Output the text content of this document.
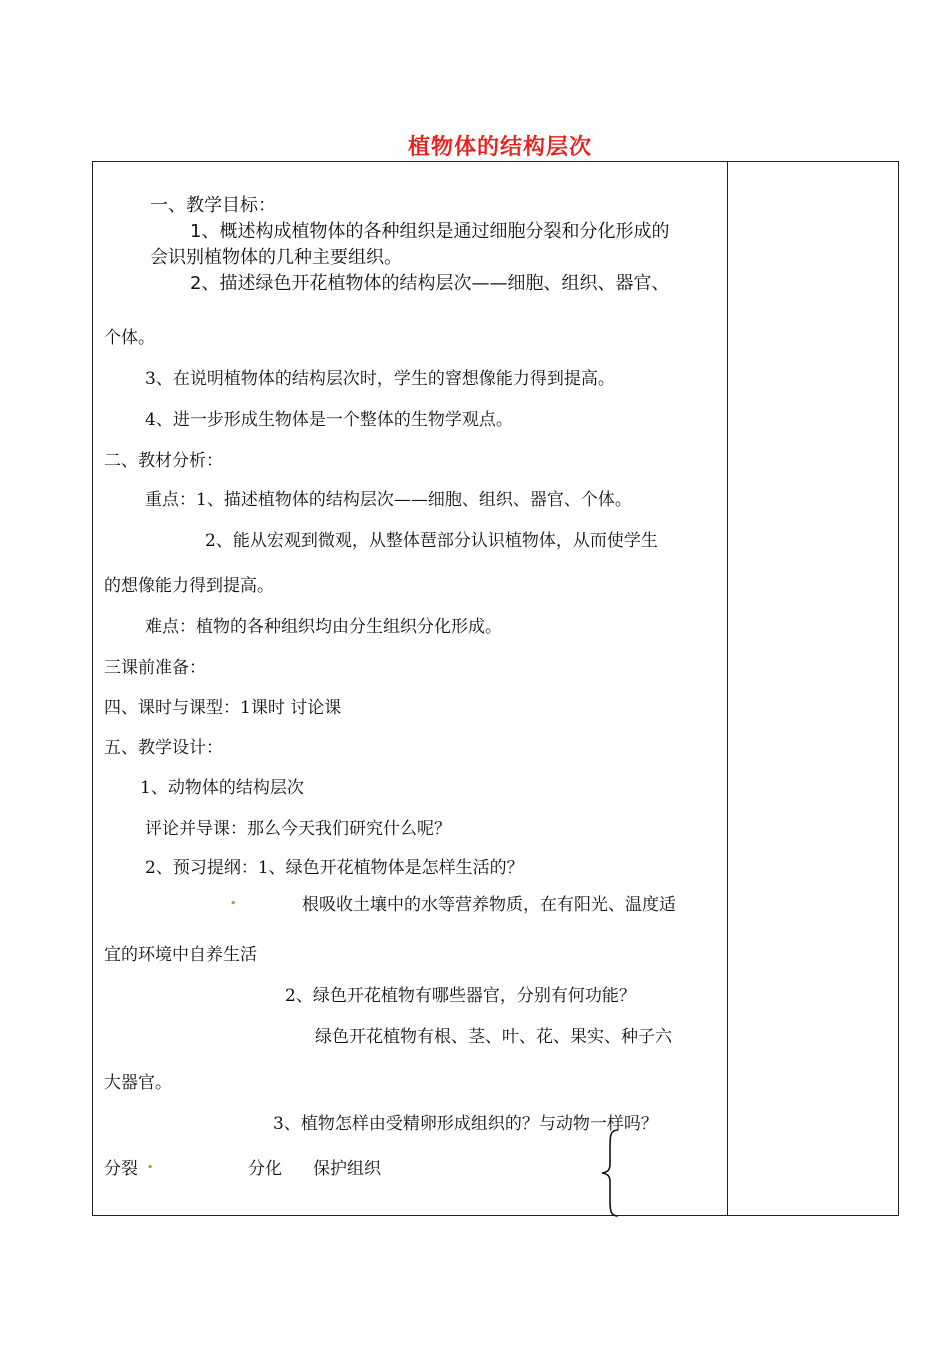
植物体的结构层次
一、教学目标：
1、概述构成植物体的各种组织是通过细胞分裂和分化形成的
会识别植物体的几种主要组织。
2、描述绿色开花植物体的结构层次——细胞、组织、器官、
个体。
3、在说明植物体的结构层次时，学生的窨想像能力得到提高。
4、进一步形成生物体是一个整体的生物学观点。
二、教材分析：
重点：1、描述植物体的结构层次——细胞、组织、器官、个体。
2、能从宏观到微观，从整体琶部分认识植物体，从而使学生
的想像能力得到提高。
难点：植物的各种组织均由分生组织分化形成。
三课前准备：
四、课时与课型：1课时 讨论课
五、教学设计：
1、动物体的结构层次
评论并导课：那么今天我们研究什么呢？
2、预习提纲：1、绿色开花植物体是怎样生活的？
.	根吸收土壤中的水等营养物质，在有阳光、温度适
宜的环境中自养生活
2、绿色开花植物有哪些器官，分别有何功能？
绿色开花植物有根、茎、叶、花、果实、种子六
大器官。
3、植物怎样由受精卵形成组织的？与动物一样吗？
分裂 .	分化 保护组织
